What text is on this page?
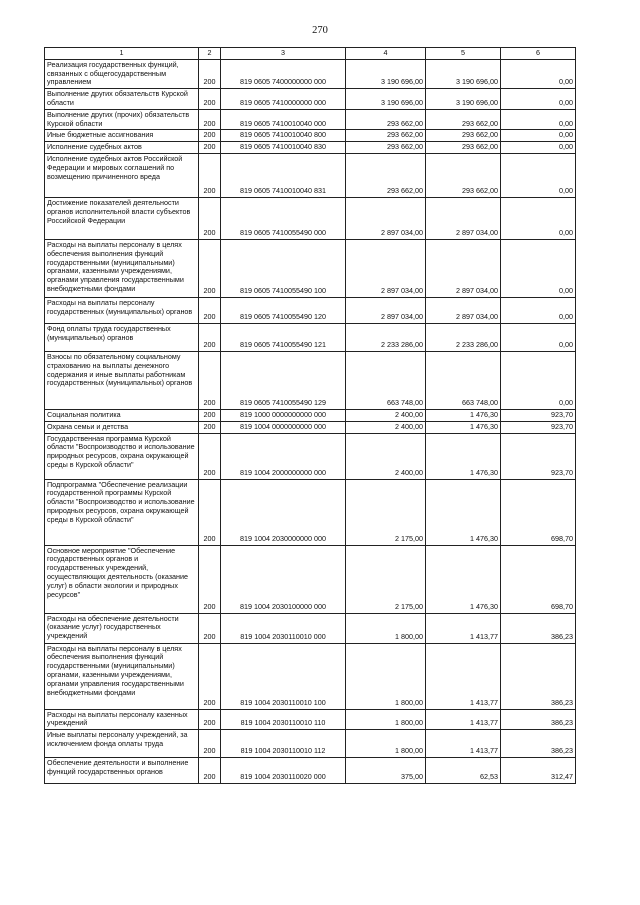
270
1	2	3	4	5	6
Реализация государственных функций, связанных с общегосударственным управлением	200	819 0605 7400000000 000	3 190 696,00	3 190 696,00	0,00
Выполнение других обязательств Курской области	200	819 0605 7410000000 000	3 190 696,00	3 190 696,00	0,00
Выполнение других (прочих) обязательств Курской области	200	819 0605 7410010040 000	293 662,00	293 662,00	0,00
Иные бюджетные ассигнования	200	819 0605 7410010040 800	293 662,00	293 662,00	0,00
Исполнение судебных актов	200	819 0605 7410010040 830	293 662,00	293 662,00	0,00
Исполнение судебных актов Российской Федерации и мировых соглашений по возмещению причиненного вреда	200	819 0605 7410010040 831	293 662,00	293 662,00	0,00
Достижение показателей деятельности органов исполнительной власти субъектов Российской Федерации	200	819 0605 7410055490 000	2 897 034,00	2 897 034,00	0,00
Расходы на выплаты персоналу в целях обеспечения выполнения функций государственными (муниципальными) органами, казенными учреждениями, органами управления государственными внебюджетными фондами	200	819 0605 7410055490 100	2 897 034,00	2 897 034,00	0,00
Расходы на выплаты персоналу государственных (муниципальных) органов	200	819 0605 7410055490 120	2 897 034,00	2 897 034,00	0,00
Фонд оплаты труда государственных (муниципальных) органов	200	819 0605 7410055490 121	2 233 286,00	2 233 286,00	0,00
Взносы по обязательному социальному страхованию на выплаты денежного содержания и иные выплаты работникам государственных (муниципальных) органов	200	819 0605 7410055490 129	663 748,00	663 748,00	0,00
Социальная политика	200	819 1000 0000000000 000	2 400,00	1 476,30	923,70
Охрана семьи и детства	200	819 1004 0000000000 000	2 400,00	1 476,30	923,70
Государственная программа Курской области "Воспроизводство и использование природных ресурсов, охрана окружающей среды в Курской области"	200	819 1004 2000000000 000	2 400,00	1 476,30	923,70
Подпрограмма "Обеспечение реализации государственной программы Курской области "Воспроизводство и использование природных ресурсов, охрана окружающей среды в Курской области"	200	819 1004 2030000000 000	2 175,00	1 476,30	698,70
Основное мероприятие "Обеспечение государственных органов и государственных учреждений, осуществляющих деятельность (оказание услуг) в области экологии и природных ресурсов"	200	819 1004 2030100000 000	2 175,00	1 476,30	698,70
Расходы на обеспечение деятельности (оказание услуг) государственных учреждений	200	819 1004 2030110010 000	1 800,00	1 413,77	386,23
Расходы на выплаты персоналу в целях обеспечения выполнения функций государственными (муниципальными) органами, казенными учреждениями, органами управления государственными внебюджетными фондами	200	819 1004 2030110010 100	1 800,00	1 413,77	386,23
Расходы на выплаты персоналу казенных учреждений	200	819 1004 2030110010 110	1 800,00	1 413,77	386,23
Иные выплаты персоналу учреждений, за исключением фонда оплаты труда	200	819 1004 2030110010 112	1 800,00	1 413,77	386,23
Обеспечение деятельности и выполнение функций государственных органов	200	819 1004 2030110020 000	375,00	62,53	312,47
